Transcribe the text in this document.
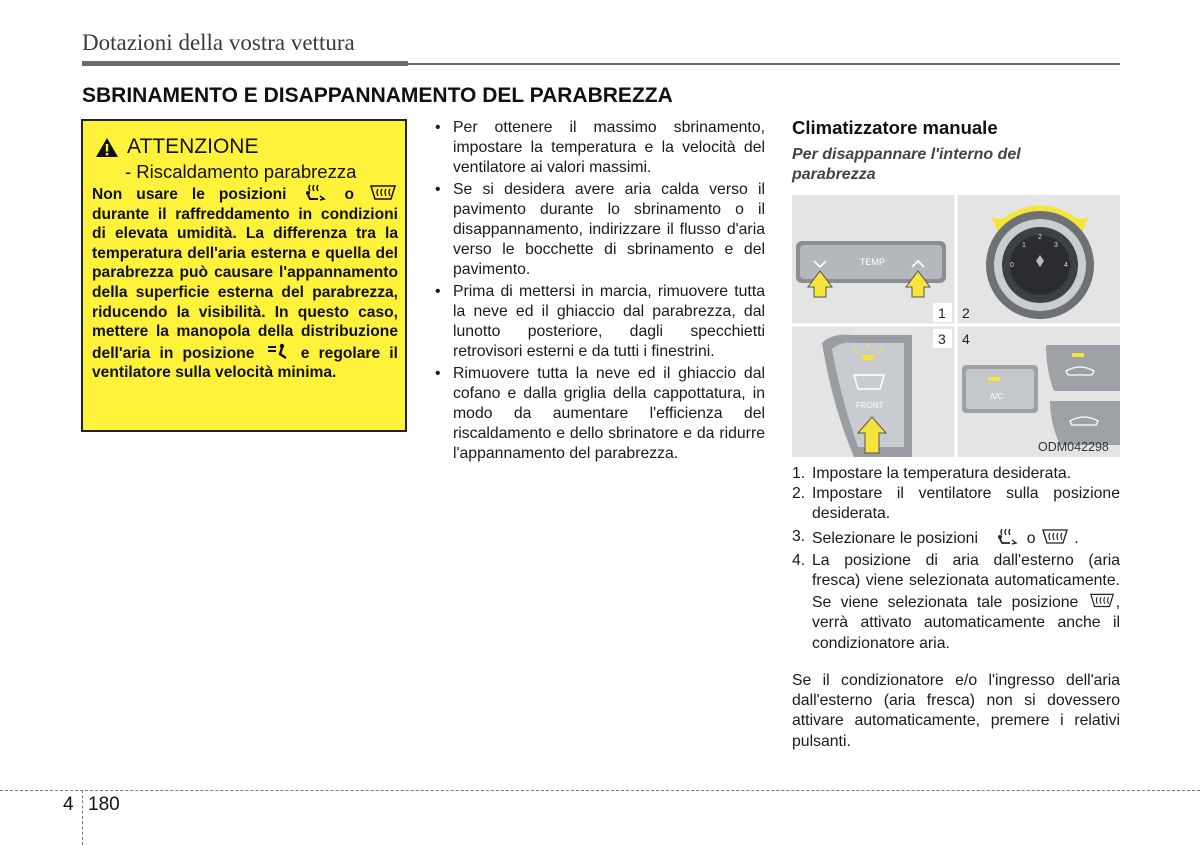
Dotazioni della vostra vettura
SBRINAMENTO E DISAPPANNAMENTO DEL PARABREZZA
ATTENZIONE
- Riscaldamento parabrezza
Non usare le posizioni	o  durante il raffreddamento in condizioni di elevata umidità. La differenza tra la temperatura dell'aria esterna e quella del parabrezza può causare l'appannamento della superficie esterna del parabrezza, riducendo la visibilità. In questo caso, mettere la manopola della distribuzione dell'aria in posizione	e regolare il ventilatore sulla velocità minima.
• Per ottenere il massimo sbrinamento, impostare la temperatura e la velocità del ventilatore ai valori massimi.
• Se si desidera avere aria calda verso il pavimento durante lo sbrinamento o il disappannamento, indirizzare il flusso d'aria verso le bocchette di sbrinamento e del pavimento.
• Prima di mettersi in marcia, rimuovere tutta la neve ed il ghiaccio dal parabrezza, dal lunotto posteriore, dagli specchietti retrovisori esterni e da tutti i finestrini.
• Rimuovere tutta la neve ed il ghiaccio dal cofano e dalla griglia della cappottatura, in modo da aumentare l'efficienza del riscaldamento e dello sbrinatore e da ridurre l'appannamento del parabrezza.
Climatizzatore manuale
Per disappannare l'interno del parabrezza
TEMP	0
1
2
3
4
1 2
3 4
FRONT
A/C
ODM042298
1. Impostare la temperatura desiderata.
2. Impostare il ventilatore sulla posizione desiderata.
3. Selezionare le posizioni	o .
4. La posizione di aria dall'esterno (aria fresca) viene selezionata automaticamente. Se viene selezionata tale posizione , verrà attivato automaticamente anche il condizionatore aria.
Se il condizionatore e/o l'ingresso dell'aria dall'esterno (aria fresca) non si dovessero attivare automaticamente, premere i relativi pulsanti.
4 180
